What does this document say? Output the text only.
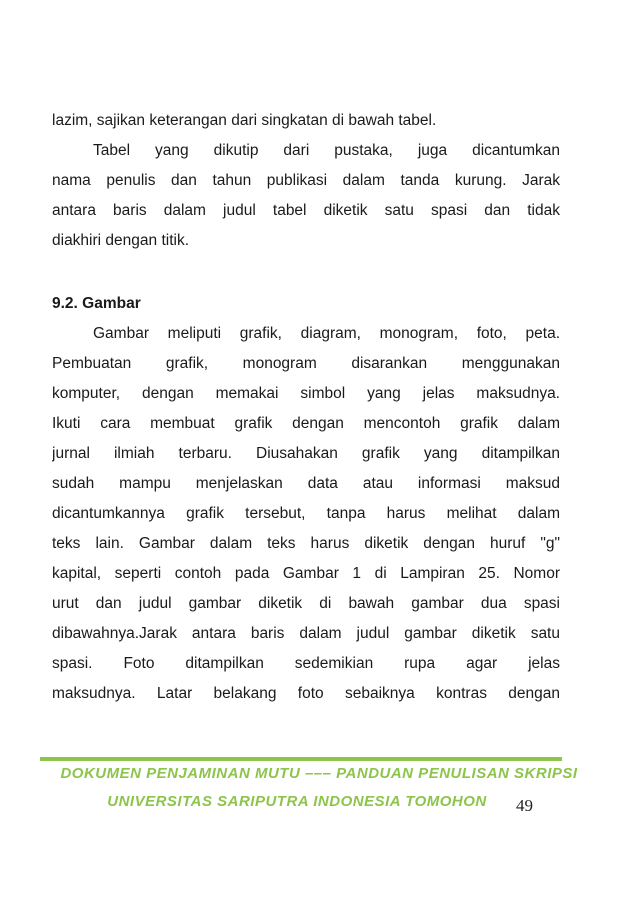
lazim, sajikan keterangan dari singkatan di bawah tabel.
Tabel yang dikutip dari pustaka, juga dicantumkan
nama penulis dan tahun publikasi dalam tanda kurung. Jarak
antara baris dalam judul tabel diketik satu spasi dan tidak
diakhiri dengan titik.
9.2. Gambar
Gambar meliputi grafik, diagram, monogram, foto, peta.
Pembuatan grafik, monogram disarankan menggunakan
komputer, dengan memakai simbol yang jelas maksudnya.
Ikuti cara membuat grafik dengan mencontoh grafik dalam
jurnal ilmiah terbaru. Diusahakan grafik yang ditampilkan
sudah mampu menjelaskan data atau informasi maksud
dicantumkannya grafik tersebut, tanpa harus melihat dalam
teks lain. Gambar dalam teks harus diketik dengan huruf "g"
kapital, seperti contoh pada Gambar 1 di Lampiran 25. Nomor
urut dan judul gambar diketik di bawah gambar dua spasi
dibawahnya.Jarak antara baris dalam judul gambar diketik satu
spasi. Foto ditampilkan sedemikian rupa agar jelas
maksudnya. Latar belakang foto sebaiknya kontras dengan
DOKUMEN PENJAMINAN MUTU ––– PANDUAN PENULISAN SKRIPSI
UNIVERSITAS SARIPUTRA INDONESIA TOMOHON	49
